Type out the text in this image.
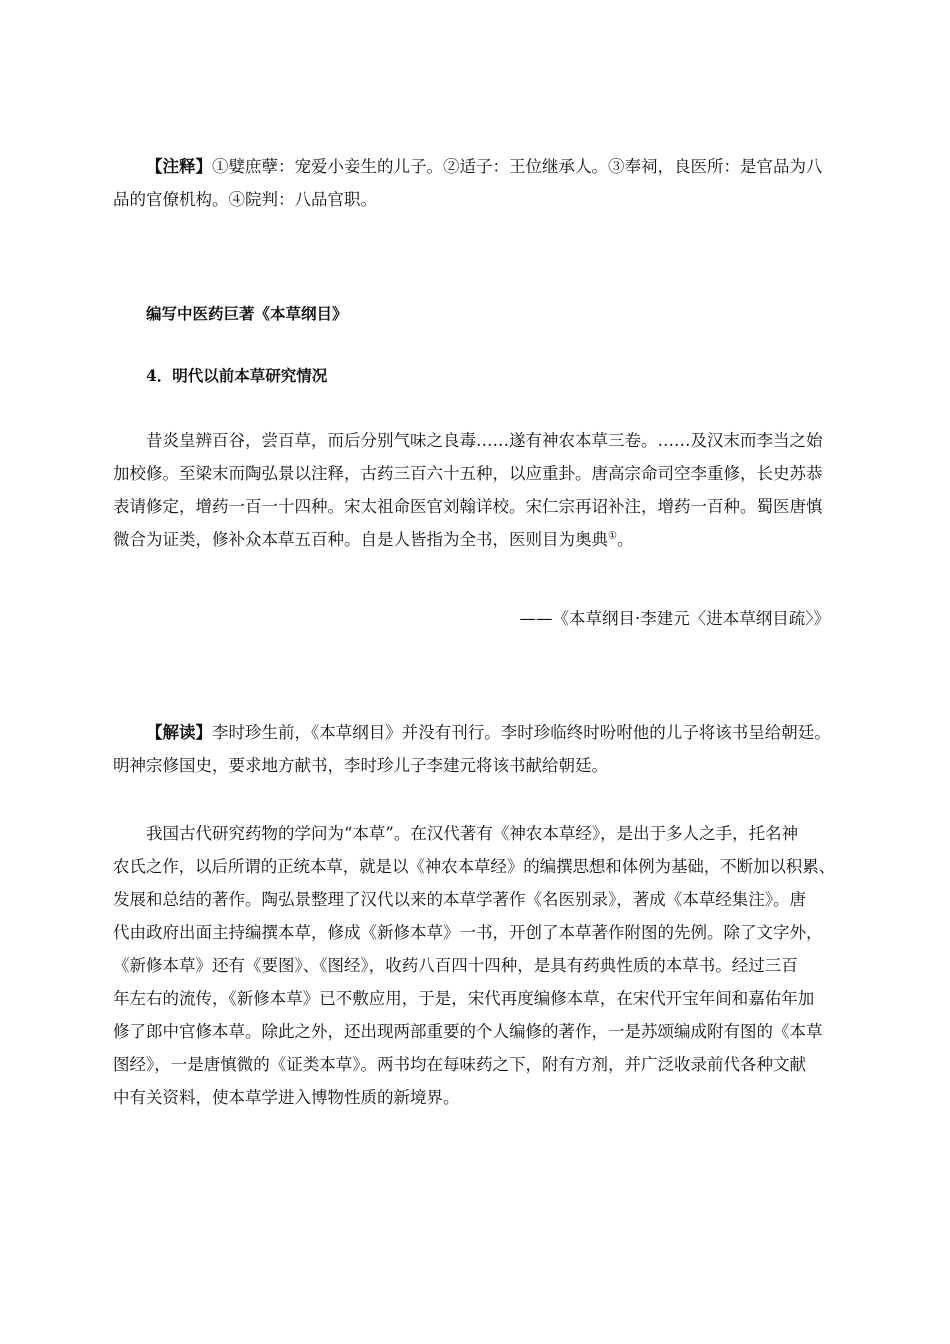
【注释】①嬖庶孽：宠爱小妾生的儿子。②适子：王位继承人。③奉祠，良医所：是官品为八
品的官僚机构。④院判：八品官职。
编写中医药巨著《本草纲目》
4．明代以前本草研究情况
昔炎皇辨百谷，尝百草，而后分别气味之良毒……遂有神农本草三卷。……及汉末而李当之始
加校修。至梁末而陶弘景以注释，古药三百六十五种，以应重卦。唐高宗命司空李重修，长史苏恭
表请修定，增药一百一十四种。宋太祖命医官刘翰详校。宋仁宗再诏补注，增药一百种。蜀医唐慎
微合为证类，修补众本草五百种。自是人皆指为全书，医则目为奥典①。
——《本草纲目·李建元〈进本草纲目疏〉》
【解读】李时珍生前，《本草纲目》并没有刊行。李时珍临终时吩咐他的儿子将该书呈给朝廷。
明神宗修国史，要求地方献书，李时珍儿子李建元将该书献给朝廷。
我国古代研究药物的学问为“本草”。在汉代著有《神农本草经》，是出于多人之手，托名神
农氏之作，以后所谓的正统本草，就是以《神农本草经》的编撰思想和体例为基础，不断加以积累、
发展和总结的著作。陶弘景整理了汉代以来的本草学著作《名医别录》，著成《本草经集注》。唐
代由政府出面主持编撰本草，修成《新修本草》一书，开创了本草著作附图的先例。除了文字外，
《新修本草》还有《要图》、《图经》，收药八百四十四种，是具有药典性质的本草书。经过三百
年左右的流传，《新修本草》已不敷应用，于是，宋代再度编修本草，在宋代开宝年间和嘉佑年加
修了郎中官修本草。除此之外，还出现两部重要的个人编修的著作，一是苏颂编成附有图的《本草
图经》，一是唐慎微的《证类本草》。两书均在每味药之下，附有方剂，并广泛收录前代各种文献
中有关资料，使本草学进入博物性质的新境界。
